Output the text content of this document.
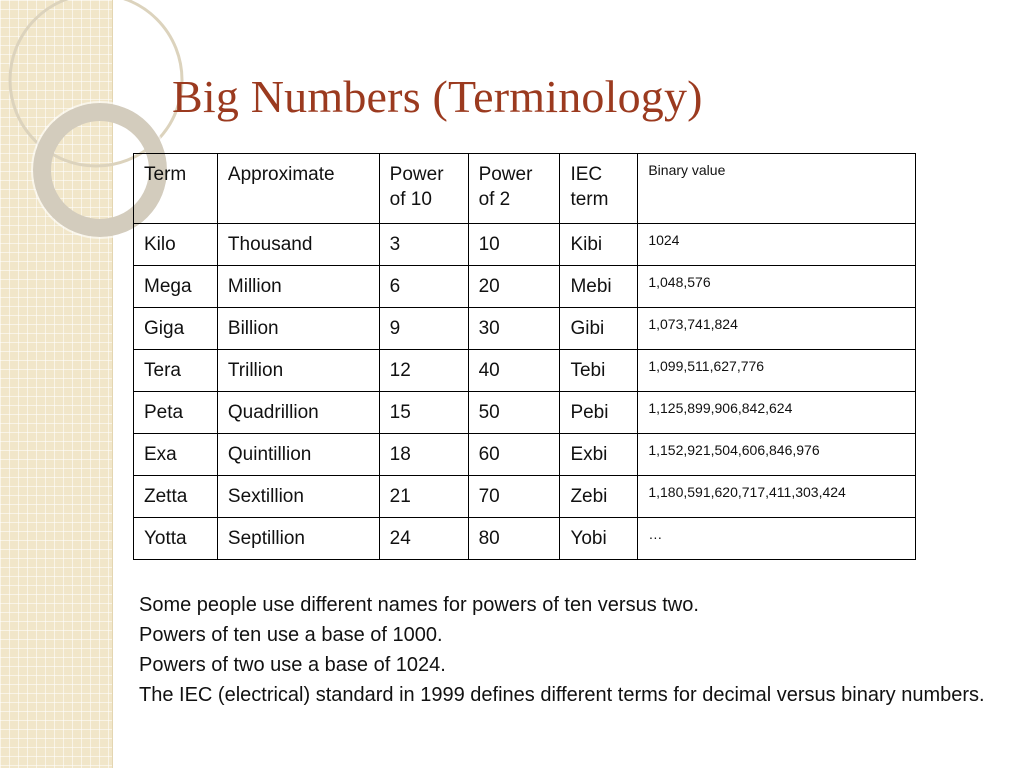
Big Numbers (Terminology)
Term	Approximate	Power of 10	Power of 2	IEC term	Binary value
Kilo	Thousand	3	10	Kibi	1024
Mega	Million	6	20	Mebi	1,048,576
Giga	Billion	9	30	Gibi	1,073,741,824
Tera	Trillion	12	40	Tebi	1,099,511,627,776
Peta	Quadrillion	15	50	Pebi	1,125,899,906,842,624
Exa	Quintillion	18	60	Exbi	1,152,921,504,606,846,976
Zetta	Sextillion	21	70	Zebi	1,180,591,620,717,411,303,424
Yotta	Septillion	24	80	Yobi	…

Some people use different names for powers of ten versus two.

Powers of ten use a base of 1000.

Powers of two use a base of 1024.

The IEC (electrical) standard in 1999 defines different terms for decimal versus binary numbers.
